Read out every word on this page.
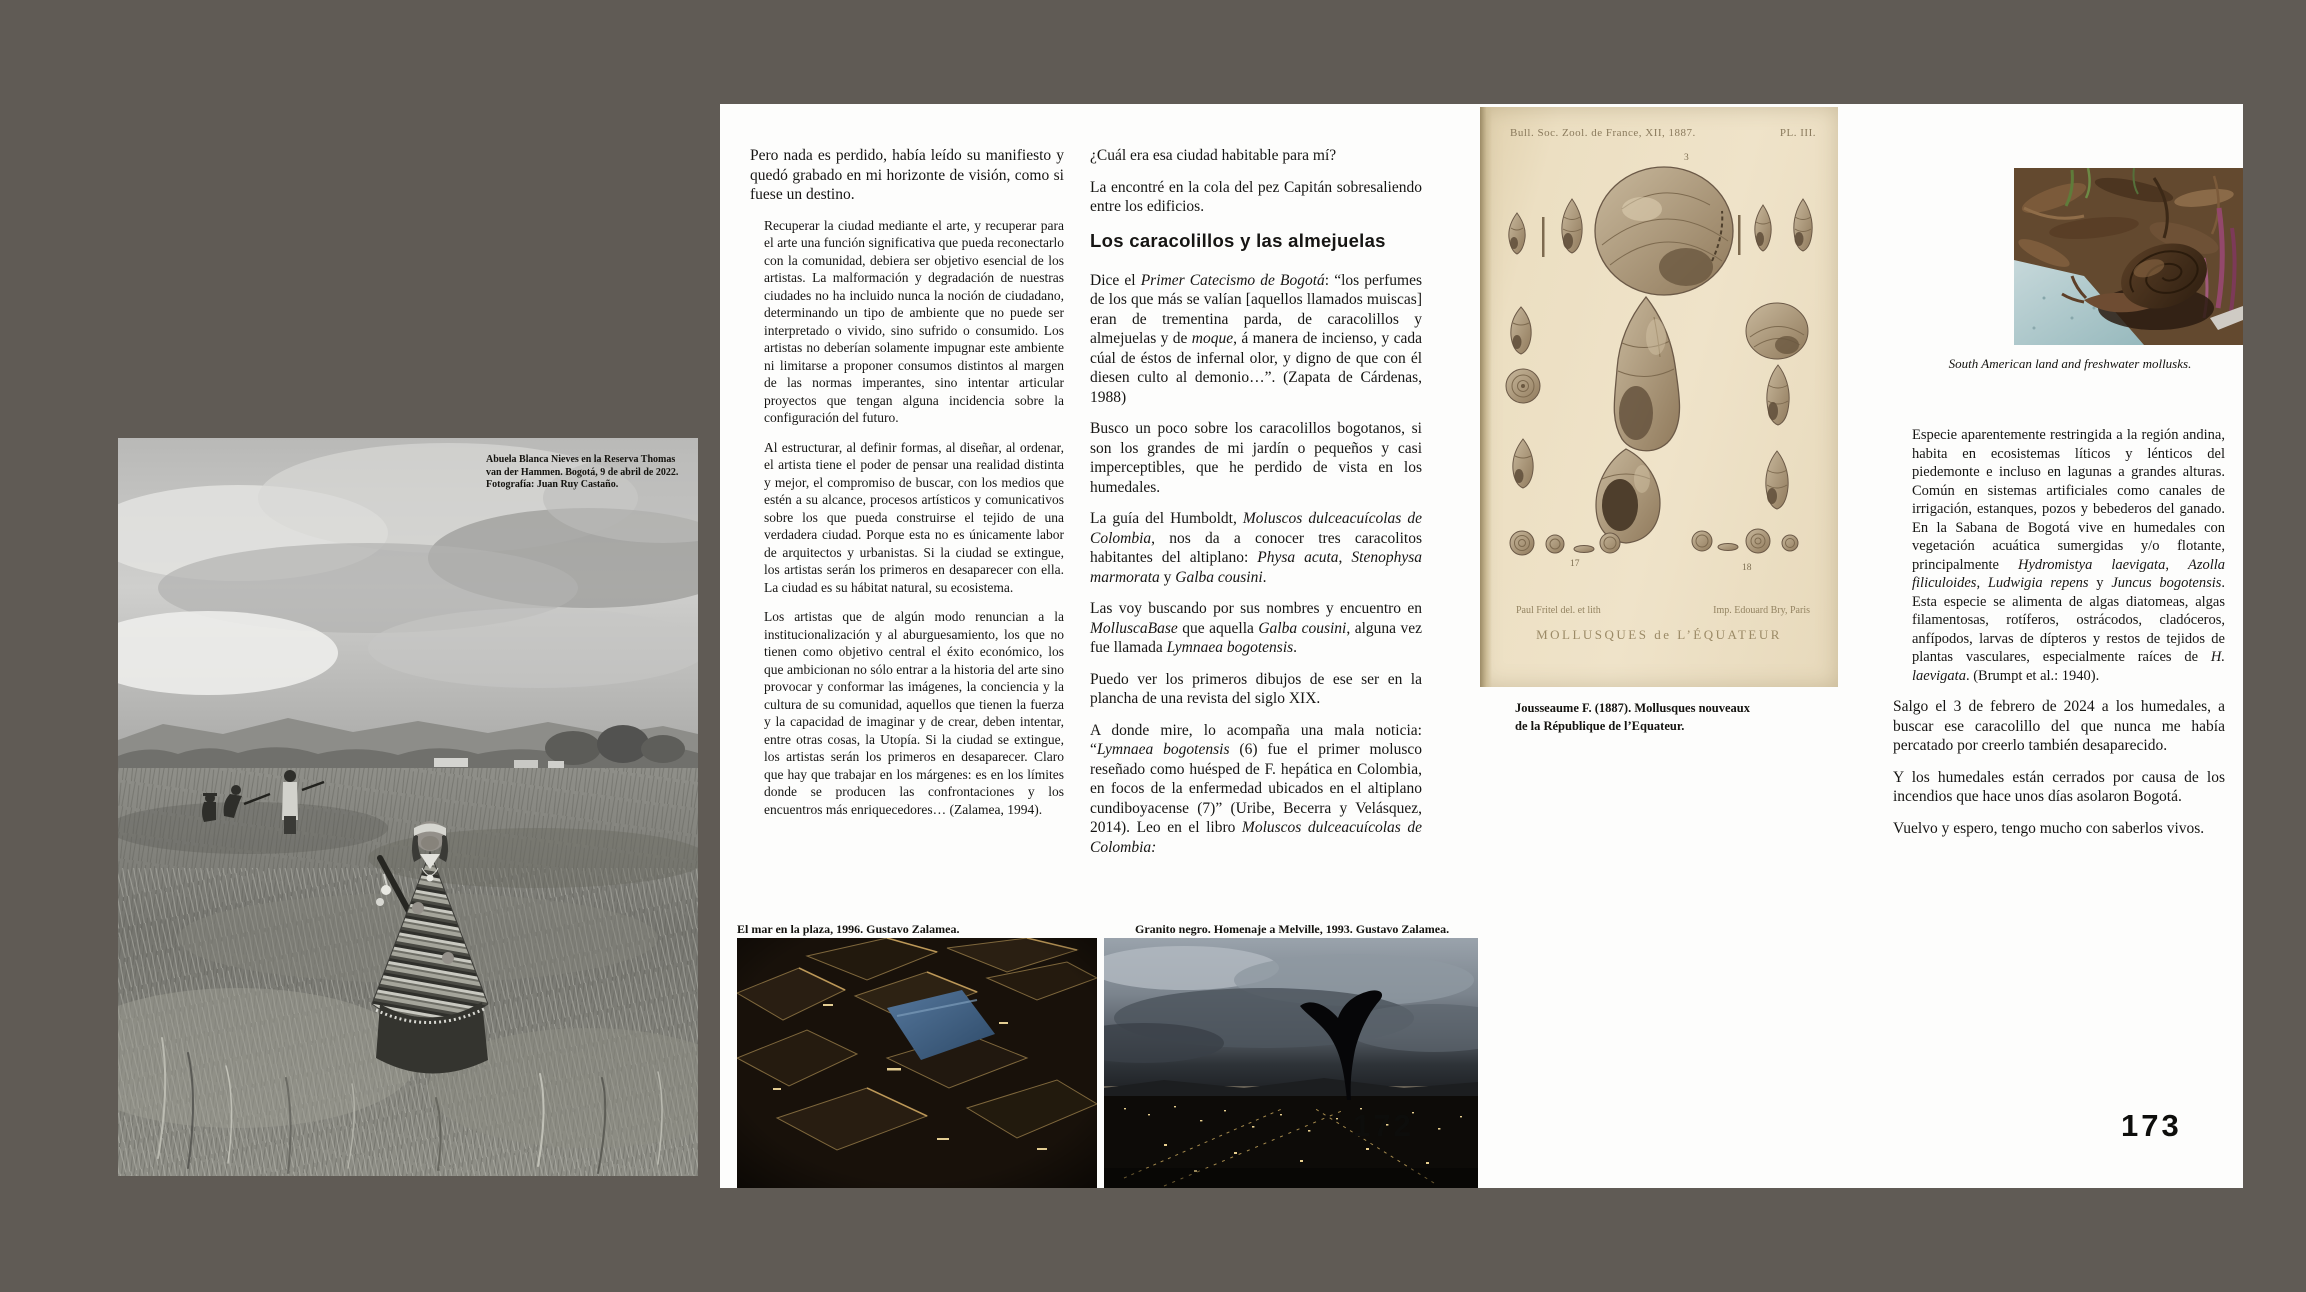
Abuela Blanca Nieves en la Reserva Thomas
van der Hammen. Bogotá, 9 de abril de 2022.
Fotografía: Juan Ruy Castaño.
Pero nada es perdido, había leído su manifiesto y quedó grabado en mi horizonte de visión, como si fuese un destino.
Recuperar la ciudad mediante el arte, y recuperar para el arte una función significativa que pueda reconectarlo con la comunidad, debiera ser objetivo esencial de los artistas. La malformación y degradación de nuestras ciudades no ha incluido nunca la noción de ciudadano, determinando un tipo de ambiente que no puede ser interpretado o vivido, sino sufrido o consumido. Los artistas no deberían solamente impugnar este ambiente ni limitarse a proponer consumos distintos al margen de las normas imperantes, sino intentar articular proyectos que tengan alguna incidencia sobre la configuración del futuro.
Al estructurar, al definir formas, al diseñar, al ordenar, el artista tiene el poder de pensar una realidad distinta y mejor, el compromiso de buscar, con los medios que estén a su alcance, procesos artísticos y comunicativos sobre los que pueda construirse el tejido de una verdadera ciudad. Porque esta no es únicamente labor de arquitectos y urbanistas. Si la ciudad se extingue, los artistas serán los primeros en desaparecer con ella. La ciudad es su hábitat natural, su ecosistema.
Los artistas que de algún modo renuncian a la institucionalización y al aburguesamiento, los que no tienen como objetivo central el éxito económico, los que ambicionan no sólo entrar a la historia del arte sino provocar y conformar las imágenes, la conciencia y la cultura de su comunidad, aquellos que tienen la fuerza y la capacidad de imaginar y de crear, deben intentar, entre otras cosas, la Utopía. Si la ciudad se extingue, los artistas serán los primeros en desaparecer. Claro que hay que trabajar en los márgenes: es en los límites donde se producen las confrontaciones y los encuentros más enriquecedores… (Zalamea, 1994).
¿Cuál era esa ciudad habitable para mí?
La encontré en la cola del pez Capitán sobresaliendo entre los edificios.
Los caracolillos y las almejuelas
Dice el Primer Catecismo de Bogotá: “los perfumes de los que más se valían [aquellos llamados muiscas] eran de trementina parda, de caracolillos y almejuelas y de moque, á manera de incienso, y cada cúal de éstos de infernal olor, y digno de que con él diesen culto al demonio…”. (Zapata de Cárdenas, 1988)
Busco un poco sobre los caracolillos bogotanos, si son los grandes de mi jardín o pequeños y casi imperceptibles, que he perdido de vista en los humedales.
La guía del Humboldt, Moluscos dulceacuícolas de Colombia, nos da a conocer tres caracolitos habitantes del altiplano: Physa acuta, Stenophysa marmorata y Galba cousini.
Las voy buscando por sus nombres y encuentro en MolluscaBase que aquella Galba cousini, alguna vez fue llamada Lymnaea bogotensis.
Puedo ver los primeros dibujos de ese ser en la plancha de una revista del siglo XIX.
A donde mire, lo acompaña una mala noticia: “Lymnaea bogotensis (6) fue el primer molusco reseñado como huésped de F. hepática en Colombia, en focos de la enfermedad ubicados en el altiplano cundiboyacense (7)” (Uribe, Becerra y Velásquez, 2014). Leo en el libro Moluscos dulceacuícolas de Colombia:
Bull. Soc. Zool. de France, XII, 1887.	PL. III.
3
17	18
Paul Fritel del. et lith	Imp. Edouard Bry, Paris
MOLLUSQUES de L’ÉQUATEUR
Jousseaume F. (1887). Mollusques nouveaux
de la République de l’Equateur.
South American land and freshwater mollusks.
Especie aparentemente restringida a la región andina, habita en ecosistemas líticos y lénticos del piedemonte e incluso en lagunas a grandes alturas. Común en sistemas artificiales como canales de irrigación, estanques, pozos y bebederos del ganado. En la Sabana de Bogotá vive en humedales con vegetación acuática sumergidas y/o flotante, principalmente Hydromistya laevigata, Azolla filiculoides, Ludwigia repens y Juncus bogotensis. Esta especie se alimenta de algas diatomeas, algas filamentosas, rotíferos, ostrácodos, cladóceros, anfípodos, larvas de dípteros y restos de tejidos de plantas vasculares, especialmente raíces de H. laevigata. (Brumpt et al.: 1940).
Salgo el 3 de febrero de 2024 a los humedales, a buscar ese caracolillo del que nunca me había percatado por creerlo también desaparecido.
Y los humedales están cerrados por causa de los incendios que hace unos días asolaron Bogotá.
Vuelvo y espero, tengo mucho con saberlos vivos.
El mar en la plaza, 1996. Gustavo Zalamea.	Granito negro. Homenaje a Melville, 1993. Gustavo Zalamea.
172	173
